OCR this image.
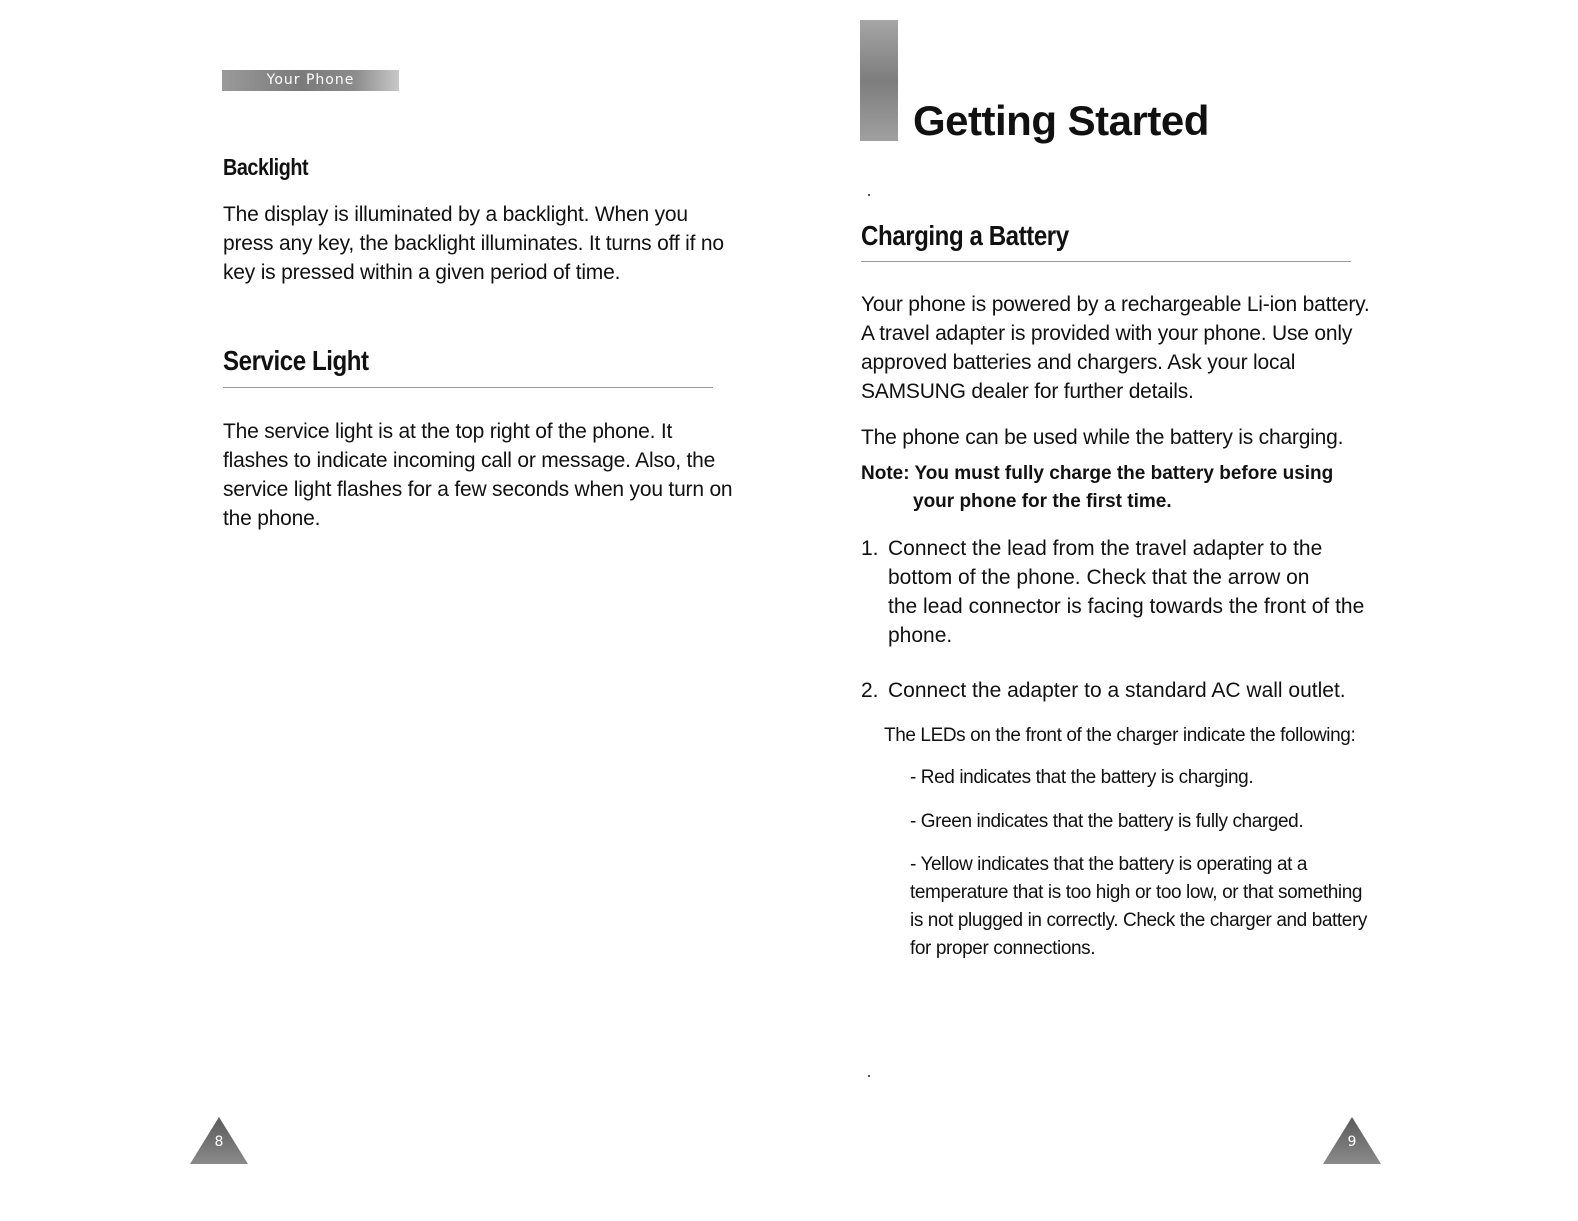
Your Phone
Backlight

The display is illuminated by a backlight. When you

press any key, the backlight illuminates. It turns off if no

key is pressed within a given period of time.

Service Light

The service light is at the top right of the phone. It

flashes to indicate incoming call or message. Also, the

service light flashes for a few seconds when you turn on

the phone.

8
Getting Started
Charging a Battery

Your phone is powered by a rechargeable Li-ion battery.

A travel adapter is provided with your phone. Use only

approved batteries and chargers. Ask your local

SAMSUNG dealer for further details.

The phone can be used while the battery is charging.

Note: You must fully charge the battery before using
your phone for the first time.
1. Connect the lead from the travel adapter to the

bottom of the phone. Check that the arrow on

the lead connector is facing towards the front of the

phone.

2. Connect the adapter to a standard AC wall outlet.

The LEDs on the front of the charger indicate the following:

- Red indicates that the battery is charging.

- Green indicates that the battery is fully charged.

- Yellow indicates that the battery is operating at a

temperature that is too high or too low, or that something

is not plugged in correctly. Check the charger and battery

for proper connections.

9
